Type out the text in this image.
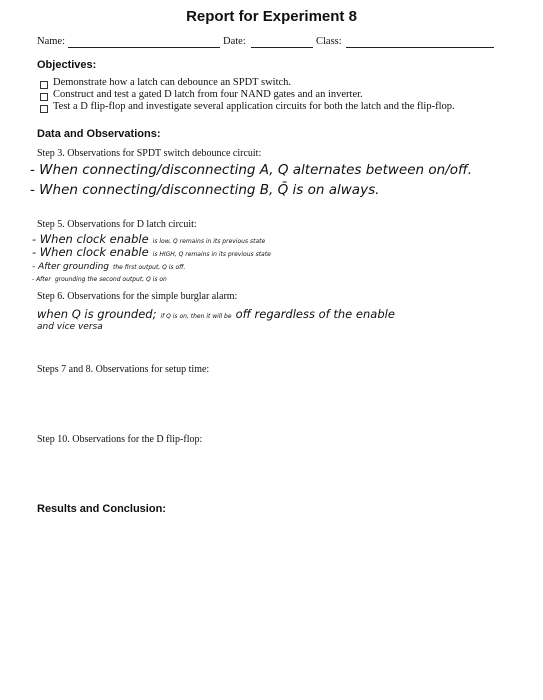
Report for Experiment 8
Name:	Date:	Class:
Objectives:
Demonstrate how a latch can debounce an SPDT switch.
Construct and test a gated D latch from four NAND gates and an inverter.
Test a D flip-flop and investigate several application circuits for both the latch and the flip-flop.
Data and Observations:
Step 3. Observations for SPDT switch debounce circuit:
- When connecting/disconnecting A, Q alternates between on/off.
- When connecting/disconnecting B, Q̄ is on always.
Step 5. Observations for D latch circuit:
- When clock enable is low, Q remains in its previous state
- When clock enable is HIGH, Q remains in its previous state
- After grounding the first output, Q is off.
- After grounding the second output, Q is on
Step 6. Observations for the simple burglar alarm:
when Q is grounded; if Q is on, then it will be off regardless of the enable
and vice versa
Steps 7 and 8. Observations for setup time:
Step 10. Observations for the D flip-flop:
Results and Conclusion:
